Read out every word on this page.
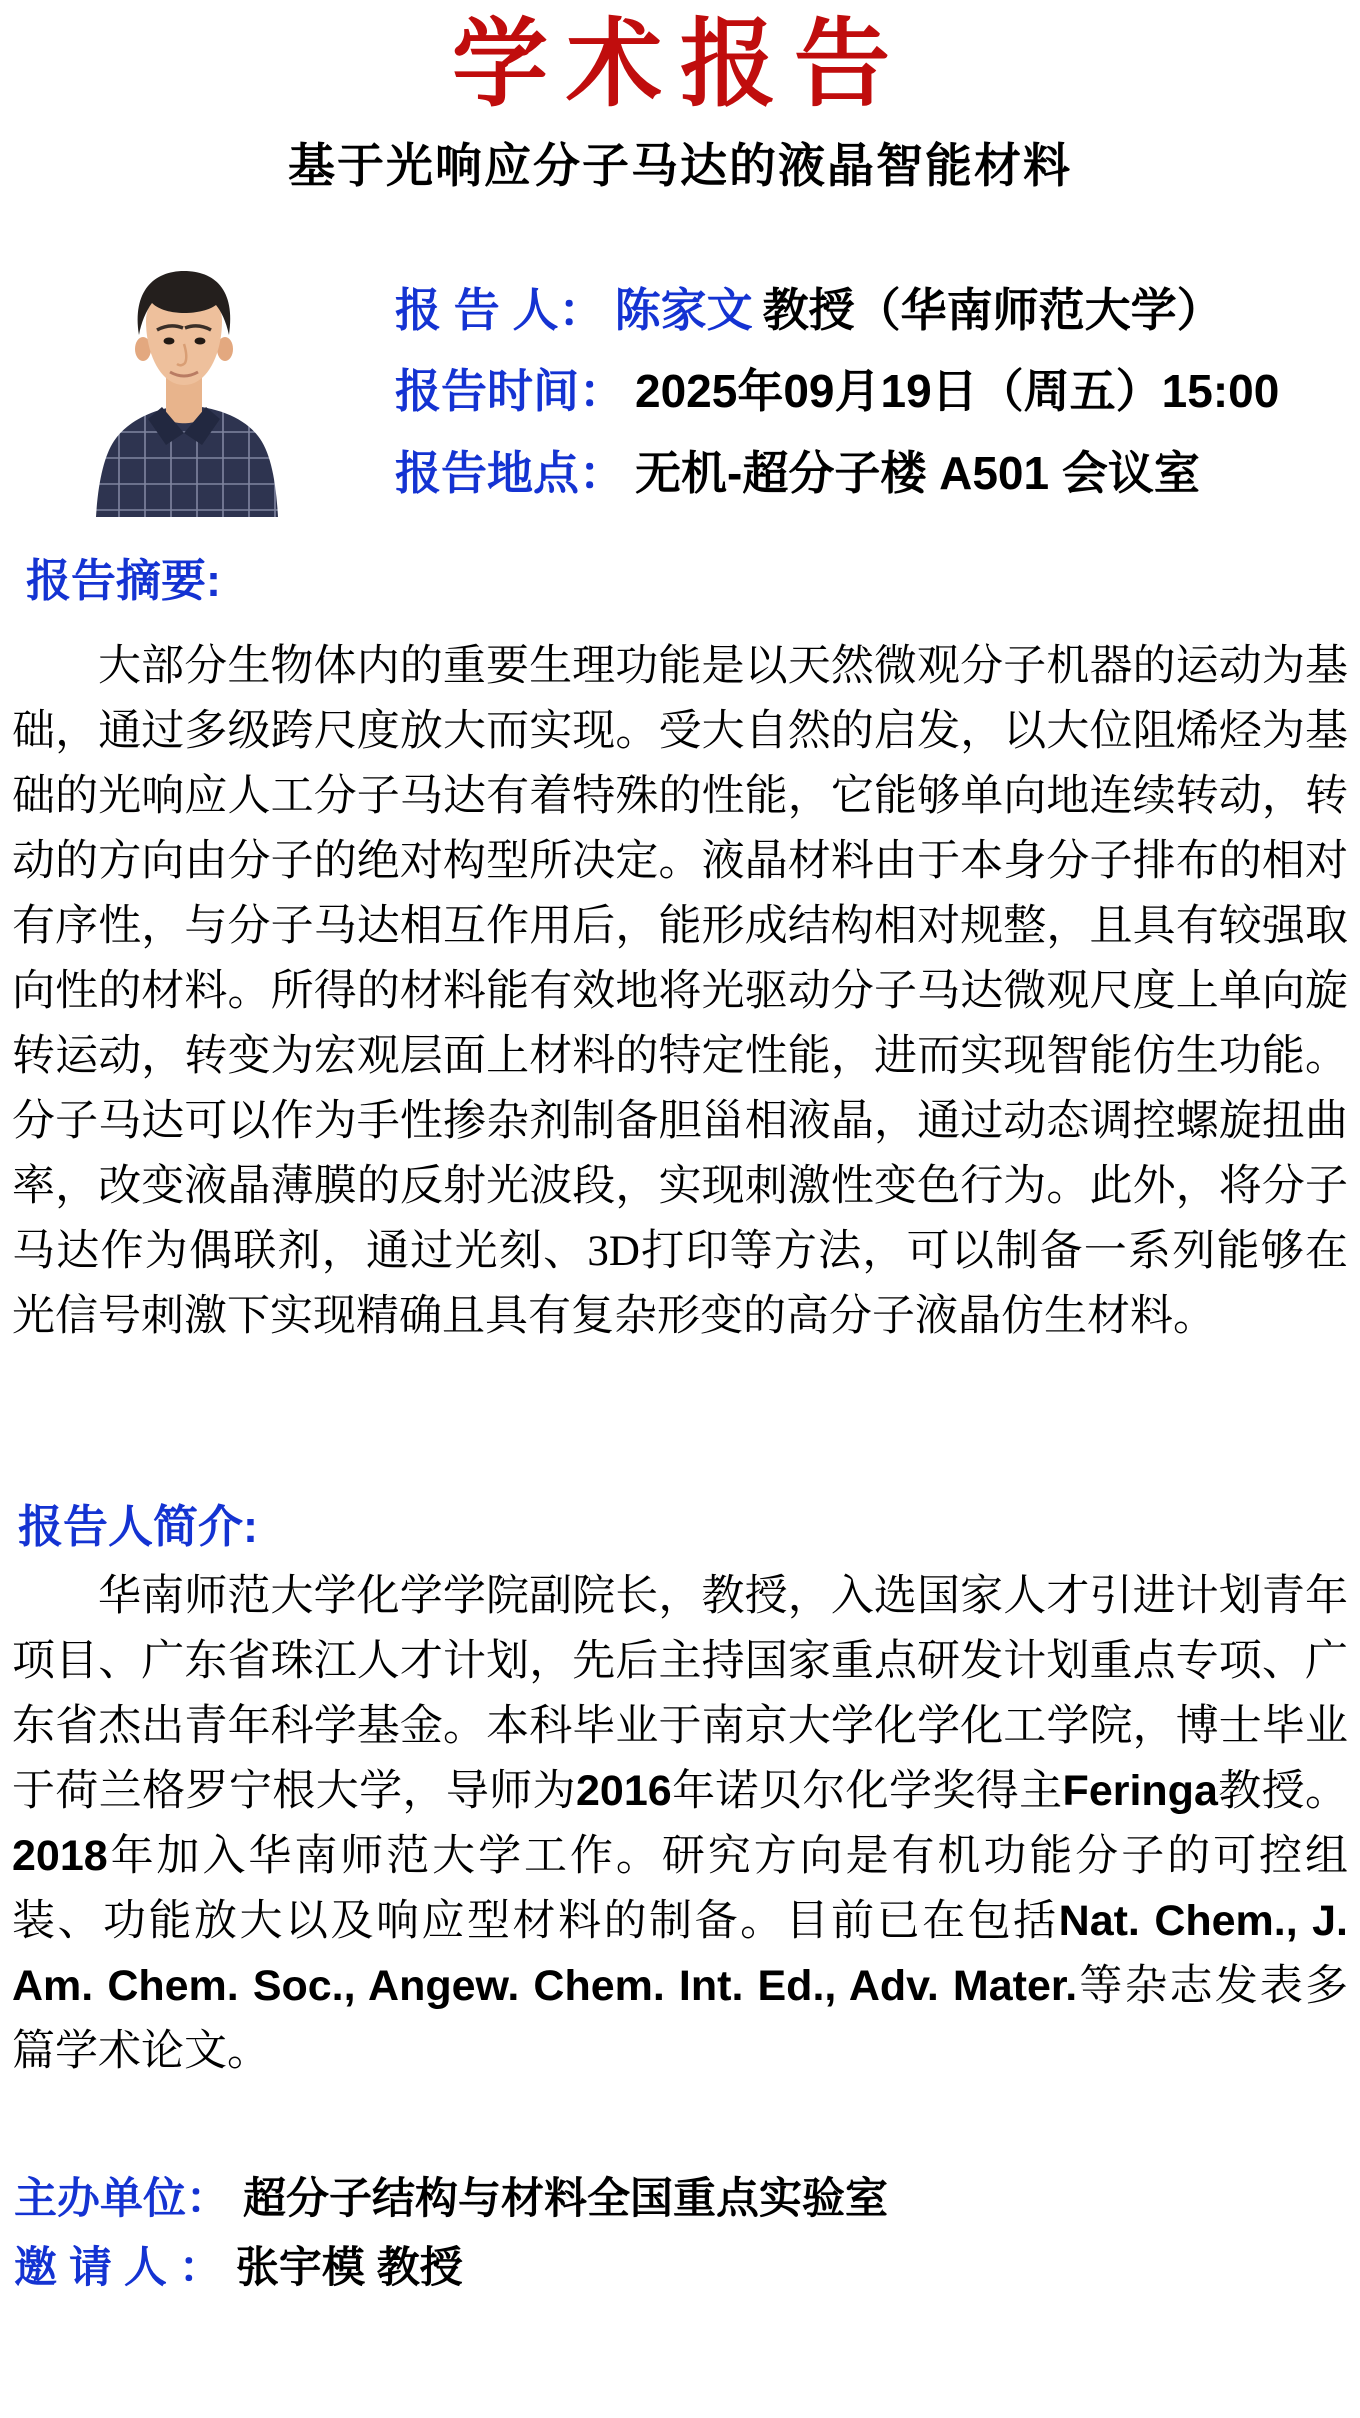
学术报告
基于光响应分子马达的液晶智能材料
报 告 人： 陈家文 教授（华南师范大学）
报告时间： 2025年09月19日（周五）15:00
报告地点： 无机-超分子楼 A501 会议室
报告摘要:
大部分生物体内的重要生理功能是以天然微观分子机器的运动为基础，通过多级跨尺度放大而实现。受大自然的启发，以大位阻烯烃为基础的光响应人工分子马达有着特殊的性能，它能够单向地连续转动，转动的方向由分子的绝对构型所决定。液晶材料由于本身分子排布的相对有序性，与分子马达相互作用后，能形成结构相对规整，且具有较强取向性的材料。所得的材料能有效地将光驱动分子马达微观尺度上单向旋转运动，转变为宏观层面上材料的特定性能，进而实现智能仿生功能。分子马达可以作为手性掺杂剂制备胆甾相液晶，通过动态调控螺旋扭曲率，改变液晶薄膜的反射光波段，实现刺激性变色行为。此外，将分子马达作为偶联剂，通过光刻、3D打印等方法，可以制备一系列能够在光信号刺激下实现精确且具有复杂形变的高分子液晶仿生材料。
报告人简介:
华南师范大学化学学院副院长，教授，入选国家人才引进计划青年项目、广东省珠江人才计划，先后主持国家重点研发计划重点专项、广东省杰出青年科学基金。本科毕业于南京大学化学化工学院，博士毕业于荷兰格罗宁根大学，导师为2016年诺贝尔化学奖得主Feringa教授。2018年加入华南师范大学工作。研究方向是有机功能分子的可控组装、功能放大以及响应型材料的制备。目前已在包括Nat. Chem., J. Am. Chem. Soc., Angew. Chem. Int. Ed., Adv. Mater.等杂志发表多篇学术论文。
主办单位： 超分子结构与材料全国重点实验室
邀 请 人 ： 张宇模 教授
